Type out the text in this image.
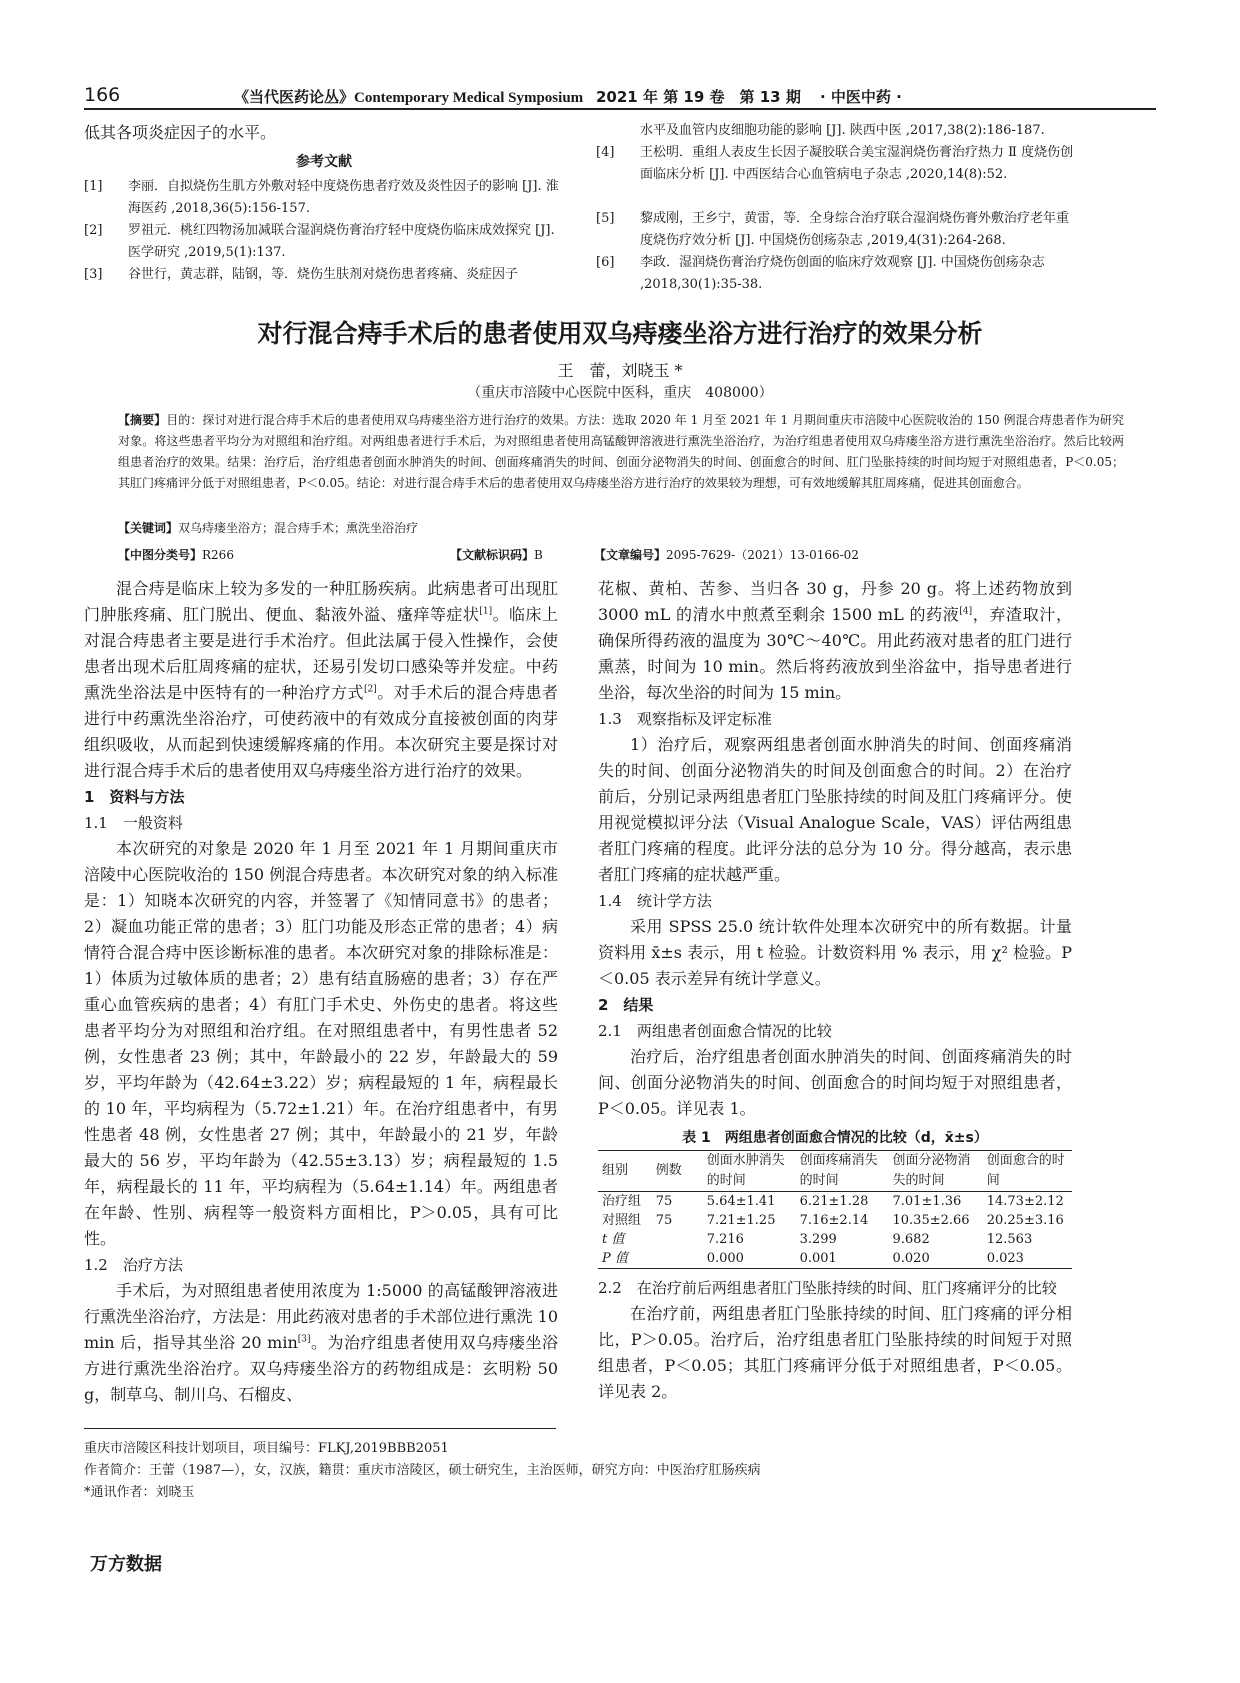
166	《当代医药论丛》Contemporary Medical Symposium 2021 年 第 19 卷　第 13 期 · 中医中药 ·
低其各项炎症因子的水平。
参考文献
[1]	李丽．自拟烧伤生肌方外敷对轻中度烧伤患者疗效及炎性因子的影响 [J]. 淮海医药 ,2018,36(5):156-157.
[2]	罗祖元．桃红四物汤加减联合湿润烧伤膏治疗轻中度烧伤临床成效探究 [J]. 医学研究 ,2019,5(1):137.
[3]	谷世行，黄志群，陆钢，等．烧伤生肤剂对烧伤患者疼痛、炎症因子
水平及血管内皮细胞功能的影响 [J]. 陕西中医 ,2017,38(2):186-187.
[4]	王松明．重组人表皮生长因子凝胶联合美宝湿润烧伤膏治疗热力 Ⅱ 度烧伤创面临床分析 [J]. 中西医结合心血管病电子杂志 ,2020,14(8):52.
[5]	黎成刚，王乡宁，黄雷，等．全身综合治疗联合湿润烧伤膏外敷治疗老年重度烧伤疗效分析 [J]. 中国烧伤创疡杂志 ,2019,4(31):264-268.
[6]	李政．湿润烧伤膏治疗烧伤创面的临床疗效观察 [J]. 中国烧伤创疡杂志 ,2018,30(1):35-38.
对行混合痔手术后的患者使用双乌痔瘘坐浴方进行治疗的效果分析
王　蕾，刘晓玉 *
（重庆市涪陵中心医院中医科，重庆　408000）
【摘要】目的：探讨对进行混合痔手术后的患者使用双乌痔瘘坐浴方进行治疗的效果。方法：选取 2020 年 1 月至 2021 年 1 月期间重庆市涪陵中心医院收治的 150 例混合痔患者作为研究对象。将这些患者平均分为对照组和治疗组。对两组患者进行手术后，为对照组患者使用高锰酸钾溶液进行熏洗坐浴治疗，为治疗组患者使用双乌痔瘘坐浴方进行熏洗坐浴治疗。然后比较两组患者治疗的效果。结果：治疗后，治疗组患者创面水肿消失的时间、创面疼痛消失的时间、创面分泌物消失的时间、创面愈合的时间、肛门坠胀持续的时间均短于对照组患者，P＜0.05；其肛门疼痛评分低于对照组患者，P＜0.05。结论：对进行混合痔手术后的患者使用双乌痔瘘坐浴方进行治疗的效果较为理想，可有效地缓解其肛周疼痛，促进其创面愈合。
【关键词】双乌痔瘘坐浴方；混合痔手术；熏洗坐浴治疗
【中图分类号】R266	【文献标识码】B	【文章编号】2095-7629-（2021）13-0166-02

混合痔是临床上较为多发的一种肛肠疾病。此病患者可出现肛门肿胀疼痛、肛门脱出、便血、黏液外溢、瘙痒等症状[1]。临床上对混合痔患者主要是进行手术治疗。但此法属于侵入性操作，会使患者出现术后肛周疼痛的症状，还易引发切口感染等并发症。中药熏洗坐浴法是中医特有的一种治疗方式[2]。对手术后的混合痔患者进行中药熏洗坐浴治疗，可使药液中的有效成分直接被创面的肉芽组织吸收，从而起到快速缓解疼痛的作用。本次研究主要是探讨对进行混合痔手术后的患者使用双乌痔瘘坐浴方进行治疗的效果。

1　资料与方法
1.1　一般资料

本次研究的对象是 2020 年 1 月至 2021 年 1 月期间重庆市涪陵中心医院收治的 150 例混合痔患者。本次研究对象的纳入标准是：1）知晓本次研究的内容，并签署了《知情同意书》的患者；2）凝血功能正常的患者；3）肛门功能及形态正常的患者；4）病情符合混合痔中医诊断标准的患者。本次研究对象的排除标准是：1）体质为过敏体质的患者；2）患有结直肠癌的患者；3）存在严重心血管疾病的患者；4）有肛门手术史、外伤史的患者。将这些患者平均分为对照组和治疗组。在对照组患者中，有男性患者 52 例，女性患者 23 例；其中，年龄最小的 22 岁，年龄最大的 59 岁，平均年龄为（42.64±3.22）岁；病程最短的 1 年，病程最长的 10 年，平均病程为（5.72±1.21）年。在治疗组患者中，有男性患者 48 例，女性患者 27 例；其中，年龄最小的 21 岁，年龄最大的 56 岁，平均年龄为（42.55±3.13）岁；病程最短的 1.5 年，病程最长的 11 年，平均病程为（5.64±1.14）年。两组患者在年龄、性别、病程等一般资料方面相比，P＞0.05，具有可比性。

1.2　治疗方法

手术后，为对照组患者使用浓度为 1:5000 的高锰酸钾溶液进行熏洗坐浴治疗，方法是：用此药液对患者的手术部位进行熏洗 10 min 后，指导其坐浴 20 min[3]。为治疗组患者使用双乌痔瘘坐浴方进行熏洗坐浴治疗。双乌痔瘘坐浴方的药物组成是：玄明粉 50 g，制草乌、制川乌、石榴皮、

花椒、黄柏、苦参、当归各 30 g，丹参 20 g。将上述药物放到 3000 mL 的清水中煎煮至剩余 1500 mL 的药液[4]，弃渣取汁，确保所得药液的温度为 30℃～40℃。用此药液对患者的肛门进行熏蒸，时间为 10 min。然后将药液放到坐浴盆中，指导患者进行坐浴，每次坐浴的时间为 15 min。

1.3　观察指标及评定标准

1）治疗后，观察两组患者创面水肿消失的时间、创面疼痛消失的时间、创面分泌物消失的时间及创面愈合的时间。2）在治疗前后，分别记录两组患者肛门坠胀持续的时间及肛门疼痛评分。使用视觉模拟评分法（Visual Analogue Scale，VAS）评估两组患者肛门疼痛的程度。此评分法的总分为 10 分。得分越高，表示患者肛门疼痛的症状越严重。

1.4　统计学方法

采用 SPSS 25.0 统计软件处理本次研究中的所有数据。计量资料用 x̄±s 表示，用 t 检验。计数资料用 % 表示，用 χ² 检验。P＜0.05 表示差异有统计学意义。

2　结果
2.1　两组患者创面愈合情况的比较

治疗后，治疗组患者创面水肿消失的时间、创面疼痛消失的时间、创面分泌物消失的时间、创面愈合的时间均短于对照组患者，P＜0.05。详见表 1。

表 1　两组患者创面愈合情况的比较（d，x̄±s）
组别	例数	创面水肿消失的时间	创面疼痛消失的时间	创面分泌物消失的时间	创面愈合的时间
治疗组	75	5.64±1.41	6.21±1.28	7.01±1.36	14.73±2.12
对照组	75	7.21±1.25	7.16±2.14	10.35±2.66	20.25±3.16
t 值		7.216	3.299	9.682	12.563
P 值		0.000	0.001	0.020	0.023
2.2　在治疗前后两组患者肛门坠胀持续的时间、肛门疼痛评分的比较

在治疗前，两组患者肛门坠胀持续的时间、肛门疼痛的评分相比，P＞0.05。治疗后，治疗组患者肛门坠胀持续的时间短于对照组患者，P＜0.05；其肛门疼痛评分低于对照组患者，P＜0.05。详见表 2。

重庆市涪陵区科技计划项目，项目编号：FLKJ,2019BBB2051
作者简介：王蕾（1987—），女，汉族，籍贯：重庆市涪陵区，硕士研究生，主治医师，研究方向：中医治疗肛肠疾病
*通讯作者：刘晓玉
万方数据
